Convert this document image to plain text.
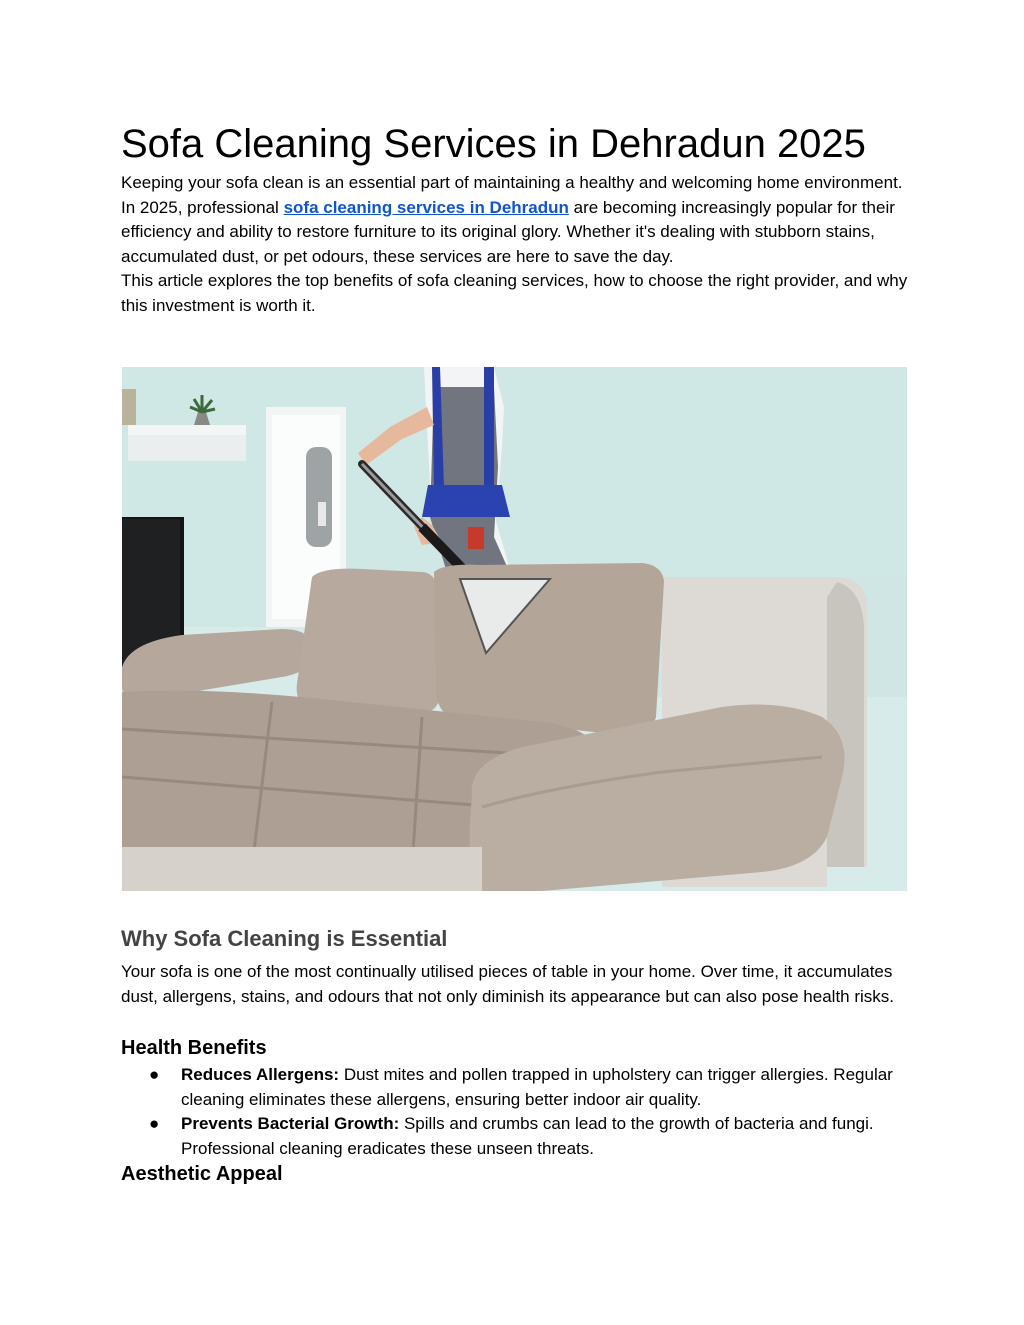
Sofa Cleaning Services in Dehradun 2025

Keeping your sofa clean is an essential part of maintaining a healthy and welcoming home environment. In 2025, professional sofa cleaning services in Dehradun are becoming increasingly popular for their efficiency and ability to restore furniture to its original glory. Whether it's dealing with stubborn stains, accumulated dust, or pet odours, these services are here to save the day.

This article explores the top benefits of sofa cleaning services, how to choose the right provider, and why this investment is worth it.

Why Sofa Cleaning is Essential

Your sofa is one of the most continually utilised pieces of table in your home. Over time, it accumulates dust, allergens, stains, and odours that not only diminish its appearance but can also pose health risks.

Health Benefits
● Reduces Allergens: Dust mites and pollen trapped in upholstery can trigger allergies. Regular cleaning eliminates these allergens, ensuring better indoor air quality.
● Prevents Bacterial Growth: Spills and crumbs can lead to the growth of bacteria and fungi. Professional cleaning eradicates these unseen threats.
Aesthetic Appeal
